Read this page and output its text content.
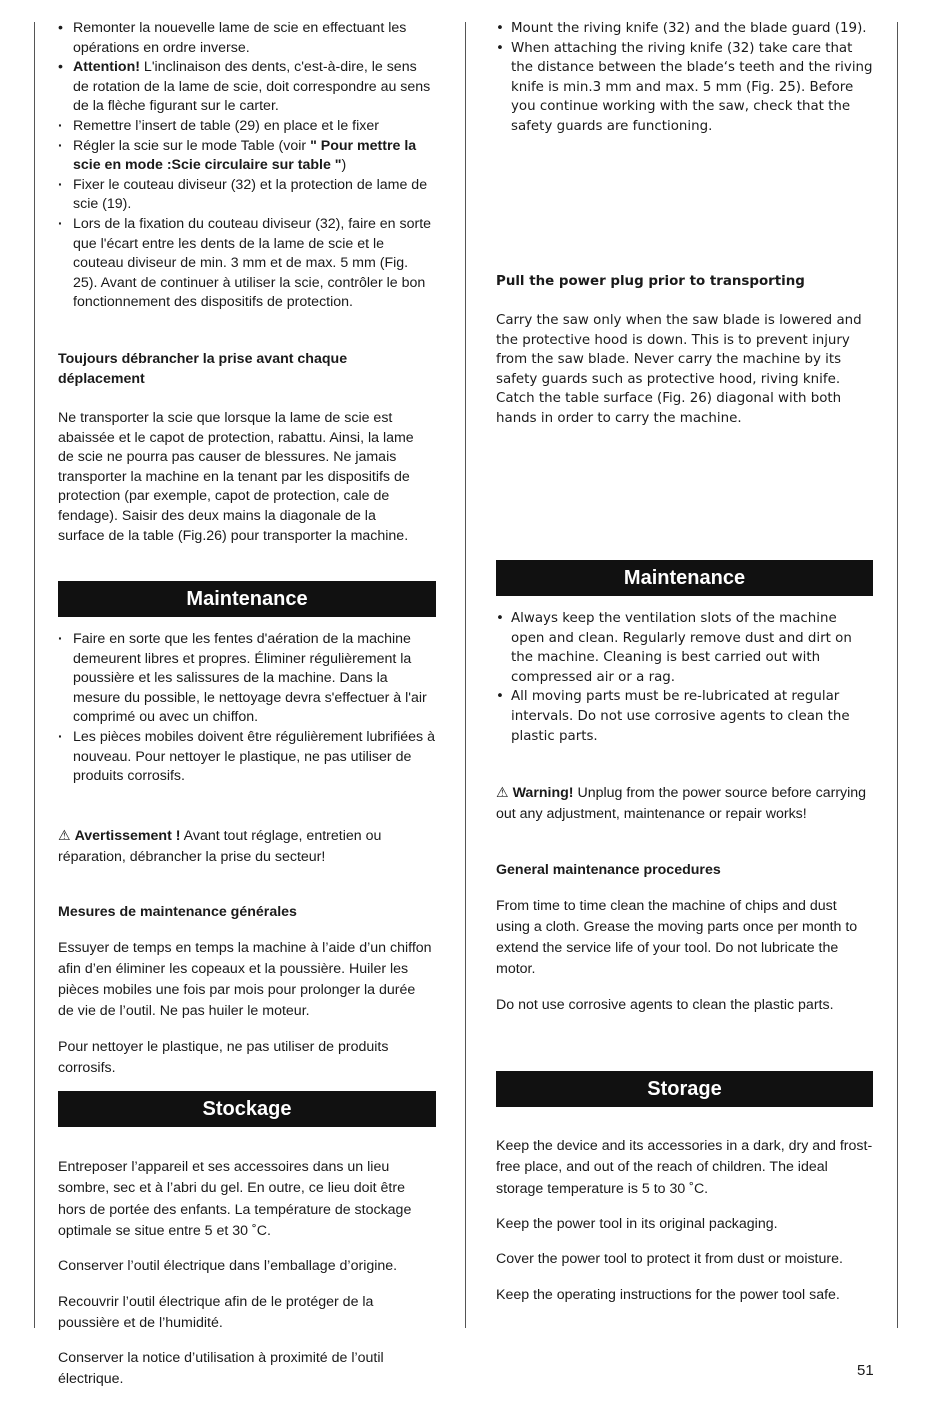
• Remonter la nouevelle lame de scie en effectuant les opérations en ordre inverse.
• Attention! L'inclinaison des dents, c'est-à-dire, le sens de rotation de la lame de scie, doit correspondre au sens de la flèche figurant sur le carter.
· Remettre l’insert de table (29) en place et le fixer
· Régler la scie sur le mode Table (voir " Pour mettre la scie en mode :Scie circulaire sur table ")
· Fixer le couteau diviseur (32) et la protection de lame de scie (19).
· Lors de la fixation du couteau diviseur (32), faire en sorte que l'écart entre les dents de la lame de scie et le couteau diviseur de min. 3 mm et de max. 5 mm (Fig. 25). Avant de continuer à utiliser la scie, contrôler le bon fonctionnement des dispositifs de protection.
Toujours débrancher la prise avant chaque déplacement
Ne transporter la scie que lorsque la lame de scie est abaissée et le capot de protection, rabattu. Ainsi, la lame de scie ne pourra pas causer de blessures. Ne jamais transporter la machine en la tenant par les dispositifs de protection (par exemple, capot de protection, cale de fendage). Saisir des deux mains la diagonale de la surface de la table (Fig.26) pour transporter la machine.
Maintenance
· Faire en sorte que les fentes d'aération de la machine demeurent libres et propres. Éliminer régulièrement la poussière et les salissures de la machine. Dans la mesure du possible, le nettoyage devra s'effectuer à l'air comprimé ou avec un chiffon.
· Les pièces mobiles doivent être régulièrement lubrifiées à nouveau. Pour nettoyer le plastique, ne pas utiliser de produits corrosifs.
⚠ Avertissement ! Avant tout réglage, entretien ou réparation, débrancher la prise du secteur!

Mesures de maintenance générales

Essuyer de temps en temps la machine à l’aide d’un chiffon afin d’en éliminer les copeaux et la poussière. Huiler les pièces mobiles une fois par mois pour prolonger la durée de vie de l’outil. Ne pas huiler le moteur.

Pour nettoyer le plastique, ne pas utiliser de produits corrosifs.

Stockage

Entreposer l’appareil et ses accessoires dans un lieu sombre, sec et à l’abri du gel. En outre, ce lieu doit être hors de portée des enfants. La température de stockage optimale se situe entre 5 et 30 ˚C.

Conserver l’outil électrique dans l’emballage d’origine.

Recouvrir l’outil électrique afin de le protéger de la poussière et de l’humidité.

Conserver la notice d’utilisation à proximité de l’outil électrique.

• Mount the riving knife (32) and the blade guard (19).
• When attaching the riving knife (32) take care that the distance between the blade‘s teeth and the riving knife is min.3 mm and max. 5 mm (Fig. 25). Before you continue working with the saw, check that the safety guards are functioning.
Pull the power plug prior to transporting
Carry the saw only when the saw blade is lowered and the protective hood is down. This is to prevent injury from the saw blade. Never carry the machine by its safety guards such as protective hood, riving knife. Catch the table surface (Fig. 26) diagonal with both hands in order to carry the machine.
Maintenance
• Always keep the ventilation slots of the machine open and clean. Regularly remove dust and dirt on the machine. Cleaning is best carried out with compressed air or a rag.
• All moving parts must be re-lubricated at regular intervals. Do not use corrosive agents to clean the plastic parts.
⚠ Warning! Unplug from the power source before carrying out any adjustment, maintenance or repair works!

General maintenance procedures

From time to time clean the machine of chips and dust using a cloth. Grease the moving parts once per month to extend the service life of your tool. Do not lubricate the motor.

Do not use corrosive agents to clean the plastic parts.

Storage

Keep the device and its accessories in a dark, dry and frost-free place, and out of the reach of children. The ideal storage temperature is 5 to 30 ˚C.

Keep the power tool in its original packaging.

Cover the power tool to protect it from dust or moisture.

Keep the operating instructions for the power tool safe.

51
